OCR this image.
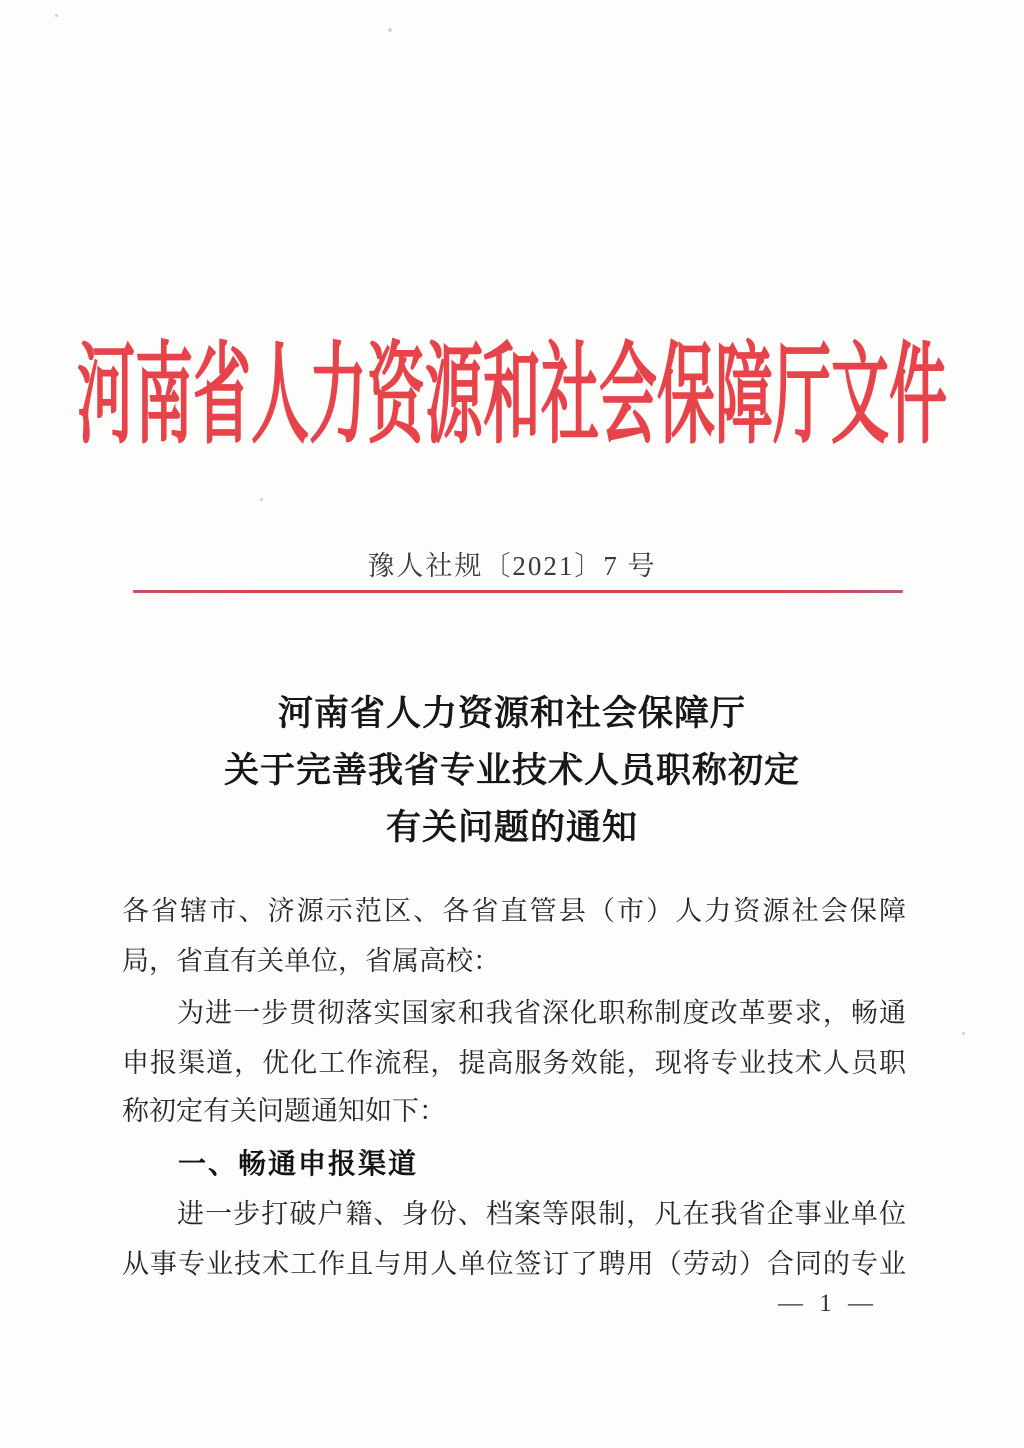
河南省人力资源和社会保障厅文件
豫人社规〔2021〕7 号
河南省人力资源和社会保障厅
关于完善我省专业技术人员职称初定
有关问题的通知
各省辖市、济源示范区、各省直管县（市）人力资源社会保障
局，省直有关单位，省属高校：
为进一步贯彻落实国家和我省深化职称制度改革要求，畅通
申报渠道，优化工作流程，提高服务效能，现将专业技术人员职
称初定有关问题通知如下：
一、畅通申报渠道
进一步打破户籍、身份、档案等限制，凡在我省企事业单位
从事专业技术工作且与用人单位签订了聘用（劳动）合同的专业
— 1 —
